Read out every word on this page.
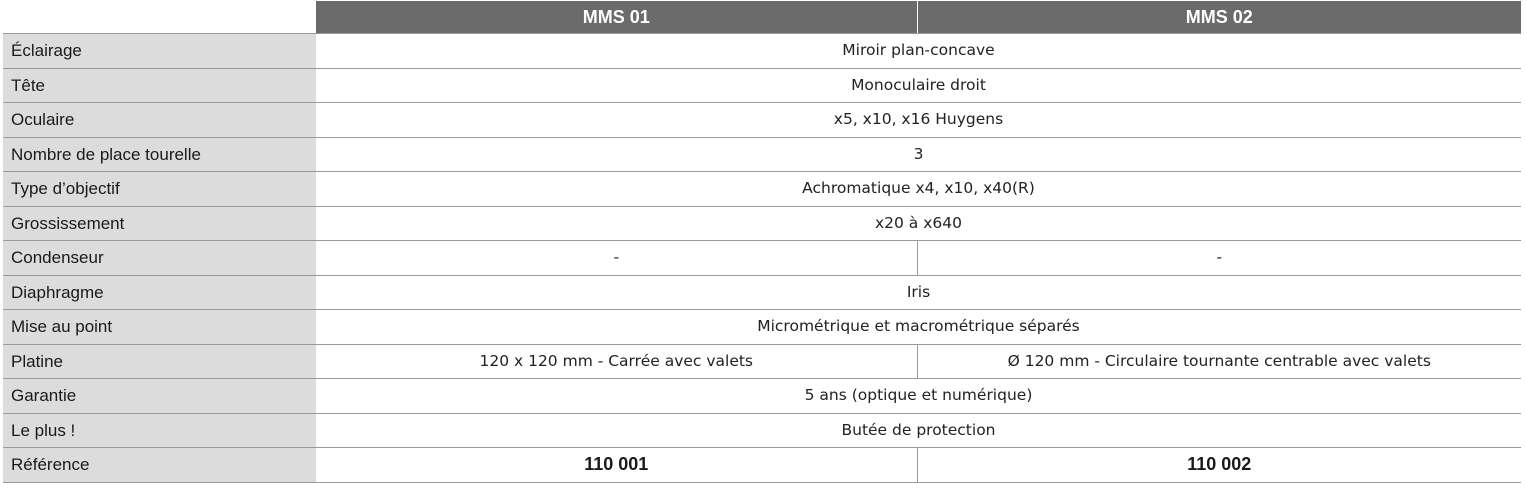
	MMS 01	MMS 02
Éclairage	Miroir plan-concave	
Tête	Monoculaire droit	
Oculaire	x5, x10, x16 Huygens	
Nombre de place tourelle	3	
Type d’objectif	Achromatique x4, x10, x40(R)	
Grossissement	x20 à x640	
Condenseur	-	-
Diaphragme	Iris	
Mise au point	Micrométrique et macrométrique séparés	
Platine	120 x 120 mm - Carrée avec valets	Ø 120 mm - Circulaire tournante centrable avec valets
Garantie	5 ans (optique et numérique)	
Le plus !	Butée de protection	
Référence	110 001	110 002
